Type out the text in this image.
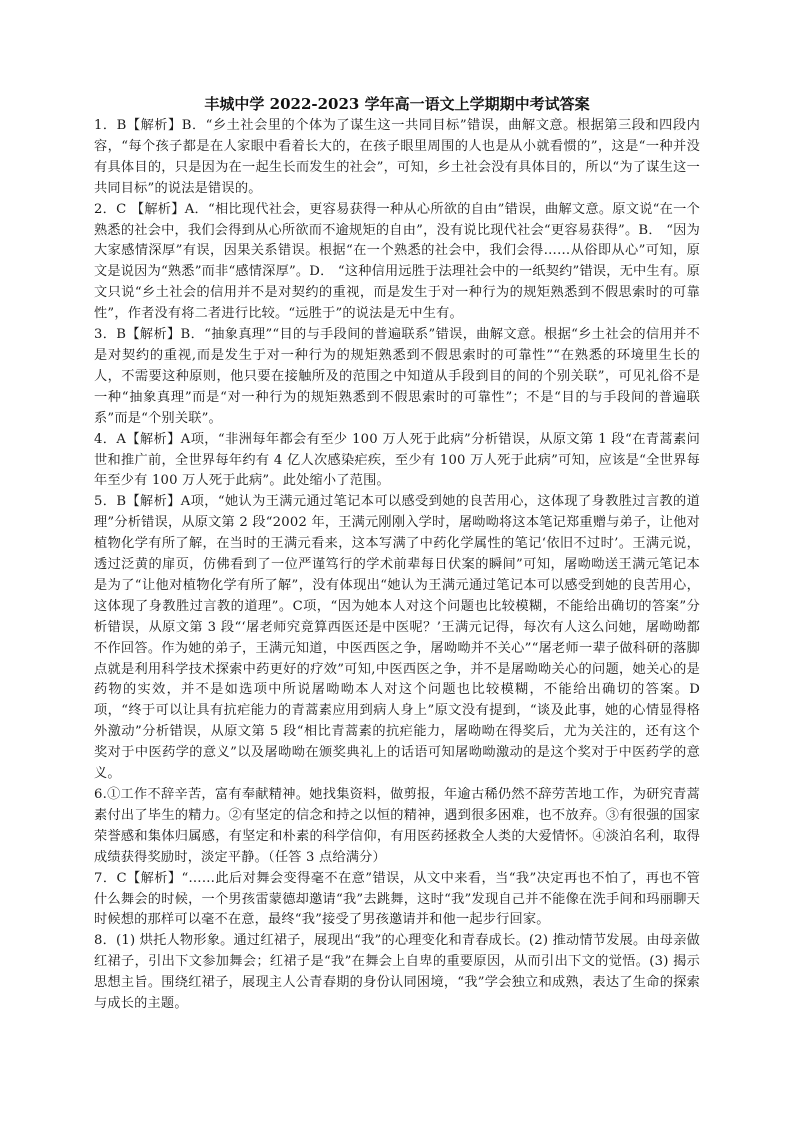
丰城中学 2022-2023 学年高一语文上学期期中考试答案

1．B【解析】B．“乡土社会里的个体为了谋生这一共同目标”错误，曲解文意。根据第三段和四段内容，“每个孩子都是在人家眼中看着长大的，在孩子眼里周围的人也是从小就看惯的”，这是“一种并没有具体目的，只是因为在一起生长而发生的社会”，可知，乡土社会没有具体目的，所以“为了谋生这一共同目标”的说法是错误的。

2．C 【解析】A．“相比现代社会，更容易获得一种从心所欲的自由”错误，曲解文意。原文说“在一个熟悉的社会中，我们会得到从心所欲而不逾规矩的自由”，没有说比现代社会“更容易获得”。B． “因为大家感情深厚”有误，因果关系错误。根据“在一个熟悉的社会中，我们会得……从俗即从心”可知，原文是说因为“熟悉”而非“感情深厚”。D． “这种信用远胜于法理社会中的一纸契约”错误，无中生有。原文只说“乡土社会的信用并不是对契约的重视，而是发生于对一种行为的规矩熟悉到不假思索时的可靠性”，作者没有将二者进行比较。“远胜于”的说法是无中生有。

3．B【解析】B．“抽象真理”“目的与手段间的普遍联系”错误，曲解文意。根据“乡土社会的信用并不是对契约的重视,而是发生于对一种行为的规矩熟悉到不假思索时的可靠性”“在熟悉的环境里生长的人，不需要这种原则，他只要在接触所及的范围之中知道从手段到目的间的个别关联”，可见礼俗不是一种“抽象真理”而是“对一种行为的规矩熟悉到不假思索时的可靠性”；不是“目的与手段间的普遍联系”而是“个别关联”。

4．A【解析】A项，“非洲每年都会有至少 100 万人死于此病”分析错误，从原文第 1 段“在青蒿素问世和推广前，全世界每年约有 4 亿人次感染疟疾，至少有 100 万人死于此病”可知，应该是“全世界每年至少有 100 万人死于此病”。此处缩小了范围。

5．B【解析】A项，“她认为王满元通过笔记本可以感受到她的良苦用心，这体现了身教胜过言教的道理”分析错误，从原文第 2 段“2002 年，王满元刚刚入学时，屠呦呦将这本笔记郑重赠与弟子，让他对植物化学有所了解，在当时的王满元看来，这本写满了中药化学属性的笔记‘依旧不过时’。王满元说，透过泛黄的扉页，仿佛看到了一位严谨笃行的学术前辈每日伏案的瞬间”可知，屠呦呦送王满元笔记本是为了“让他对植物化学有所了解”，没有体现出“她认为王满元通过笔记本可以感受到她的良苦用心，这体现了身教胜过言教的道理”。C项，“因为她本人对这个问题也比较模糊，不能给出确切的答案”分析错误，从原文第 3 段“‘屠老师究竟算西医还是中医呢？’王满元记得，每次有人这么问她，屠呦呦都不作回答。作为她的弟子，王满元知道，中医西医之争，屠呦呦并不关心”“屠老师一辈子做科研的落脚点就是利用科学技术探索中药更好的疗效”可知,中医西医之争，并不是屠呦呦关心的问题，她关心的是药物的实效，并不是如选项中所说屠呦呦本人对这个问题也比较模糊，不能给出确切的答案。D项，“终于可以让具有抗疟能力的青蒿素应用到病人身上”原文没有提到，“谈及此事，她的心情显得格外激动”分析错误，从原文第 5 段“相比青蒿素的抗疟能力，屠呦呦在得奖后，尤为关注的，还有这个奖对于中医药学的意义”以及屠呦呦在颁奖典礼上的话语可知屠呦呦激动的是这个奖对于中医药学的意义。

6.①工作不辞辛苦，富有奉献精神。她找集资料，做剪报，年逾古稀仍然不辞劳苦地工作，为研究青蒿素付出了毕生的精力。②有坚定的信念和持之以恒的精神，遇到很多困难，也不放弃。③有很强的国家荣誉感和集体归属感，有坚定和朴素的科学信仰，有用医药拯救全人类的大爱情怀。④淡泊名利，取得成绩获得奖励时，淡定平静。（任答 3 点给满分）

7．C【解析】“……此后对舞会变得毫不在意”错误，从文中来看，当“我”决定再也不怕了，再也不管什么舞会的时候，一个男孩雷蒙德却邀请“我”去跳舞，这时“我”发现自己并不能像在洗手间和玛丽聊天时候想的那样可以毫不在意，最终“我”接受了男孩邀请并和他一起步行回家。

8．(1) 烘托人物形象。通过红裙子，展现出“我”的心理变化和青春成长。(2) 推动情节发展。由母亲做红裙子，引出下文参加舞会；红裙子是“我”在舞会上自卑的重要原因，从而引出下文的觉悟。(3) 揭示思想主旨。围绕红裙子，展现主人公青春期的身份认同困境，“我”学会独立和成熟，表达了生命的探索与成长的主题。
